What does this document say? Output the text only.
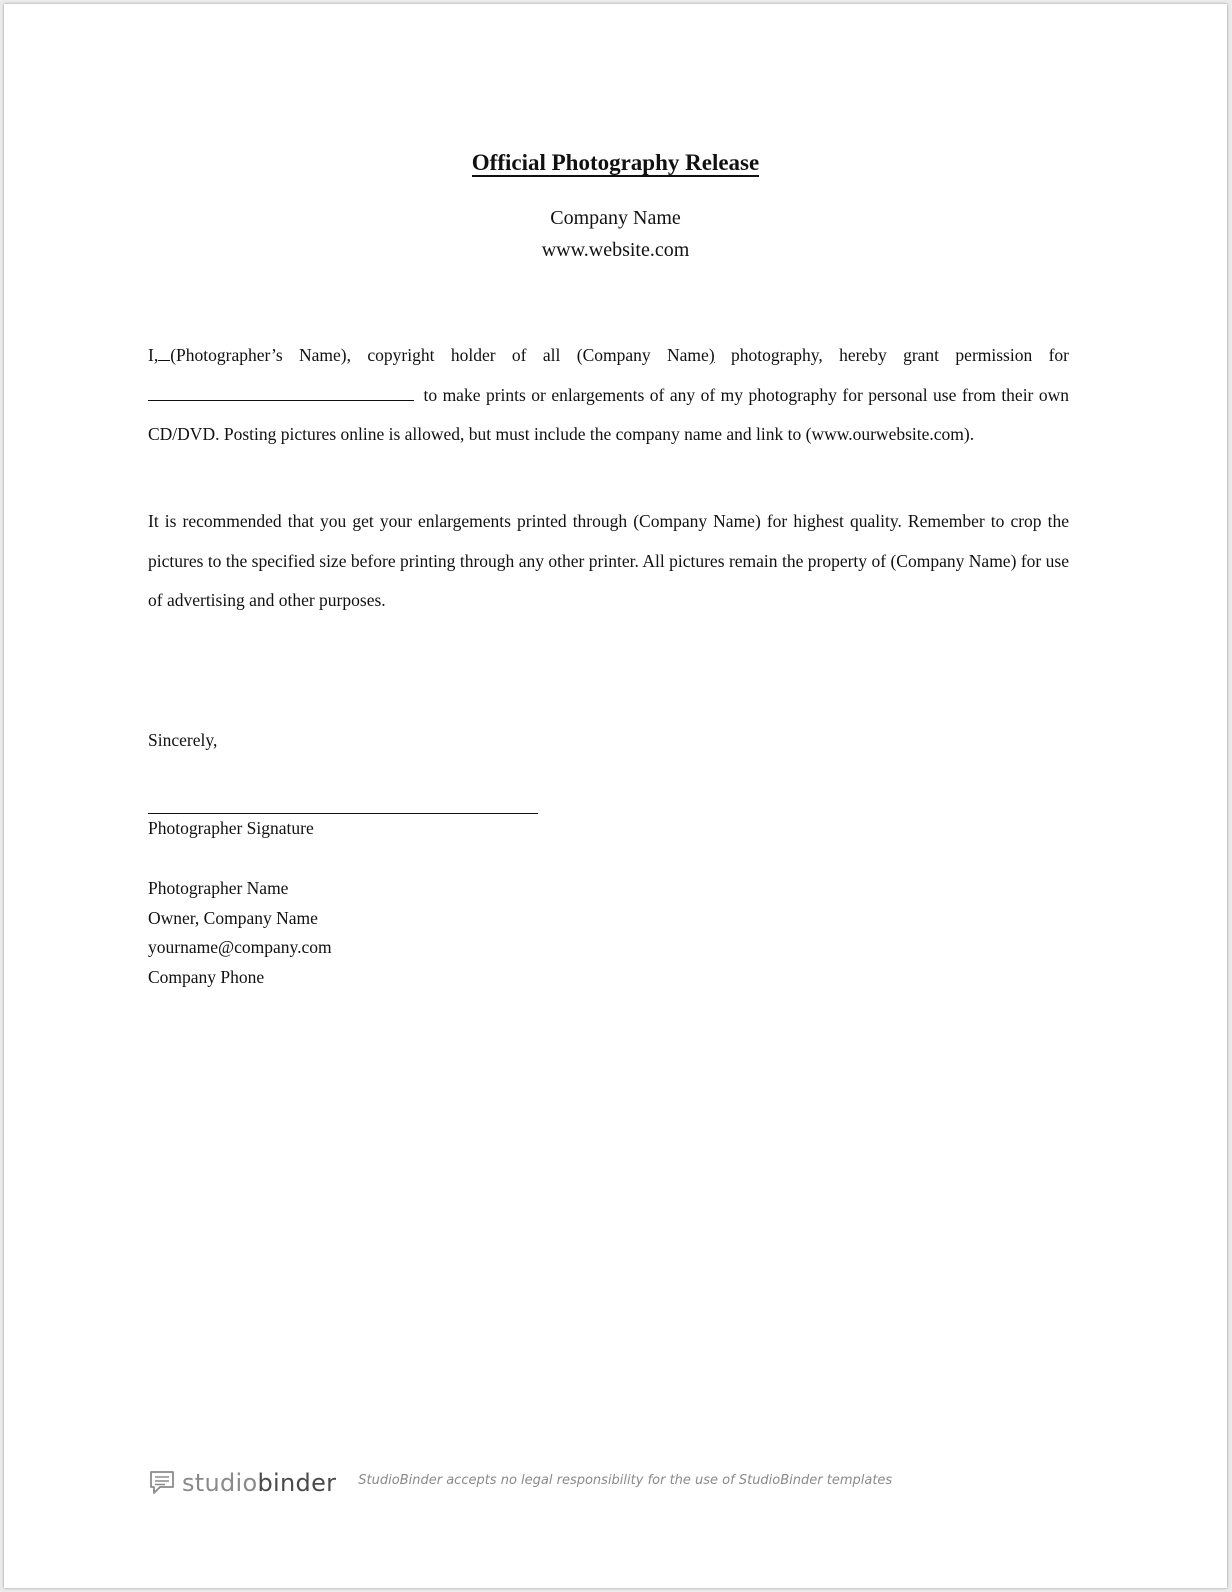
Official Photography Release
Company Name
www.website.com

I, (Photographer’s Name), copyright holder of all (Company Name) photography, hereby grant permission for  to make prints or enlargements of any of my photography for personal use from their own CD/DVD. Posting pictures online is allowed, but must include the company name and link to (www.ourwebsite.com).

It is recommended that you get your enlargements printed through (Company Name) for highest quality. Remember to crop the pictures to the specified size before printing through any other printer. All pictures remain the property of (Company Name) for use of advertising and other purposes.

Sincerely,
Photographer Signature
Photographer Name
Owner, Company Name
yourname@company.com
Company Phone
studiobinder StudioBinder accepts no legal responsibility for the use of StudioBinder templates
